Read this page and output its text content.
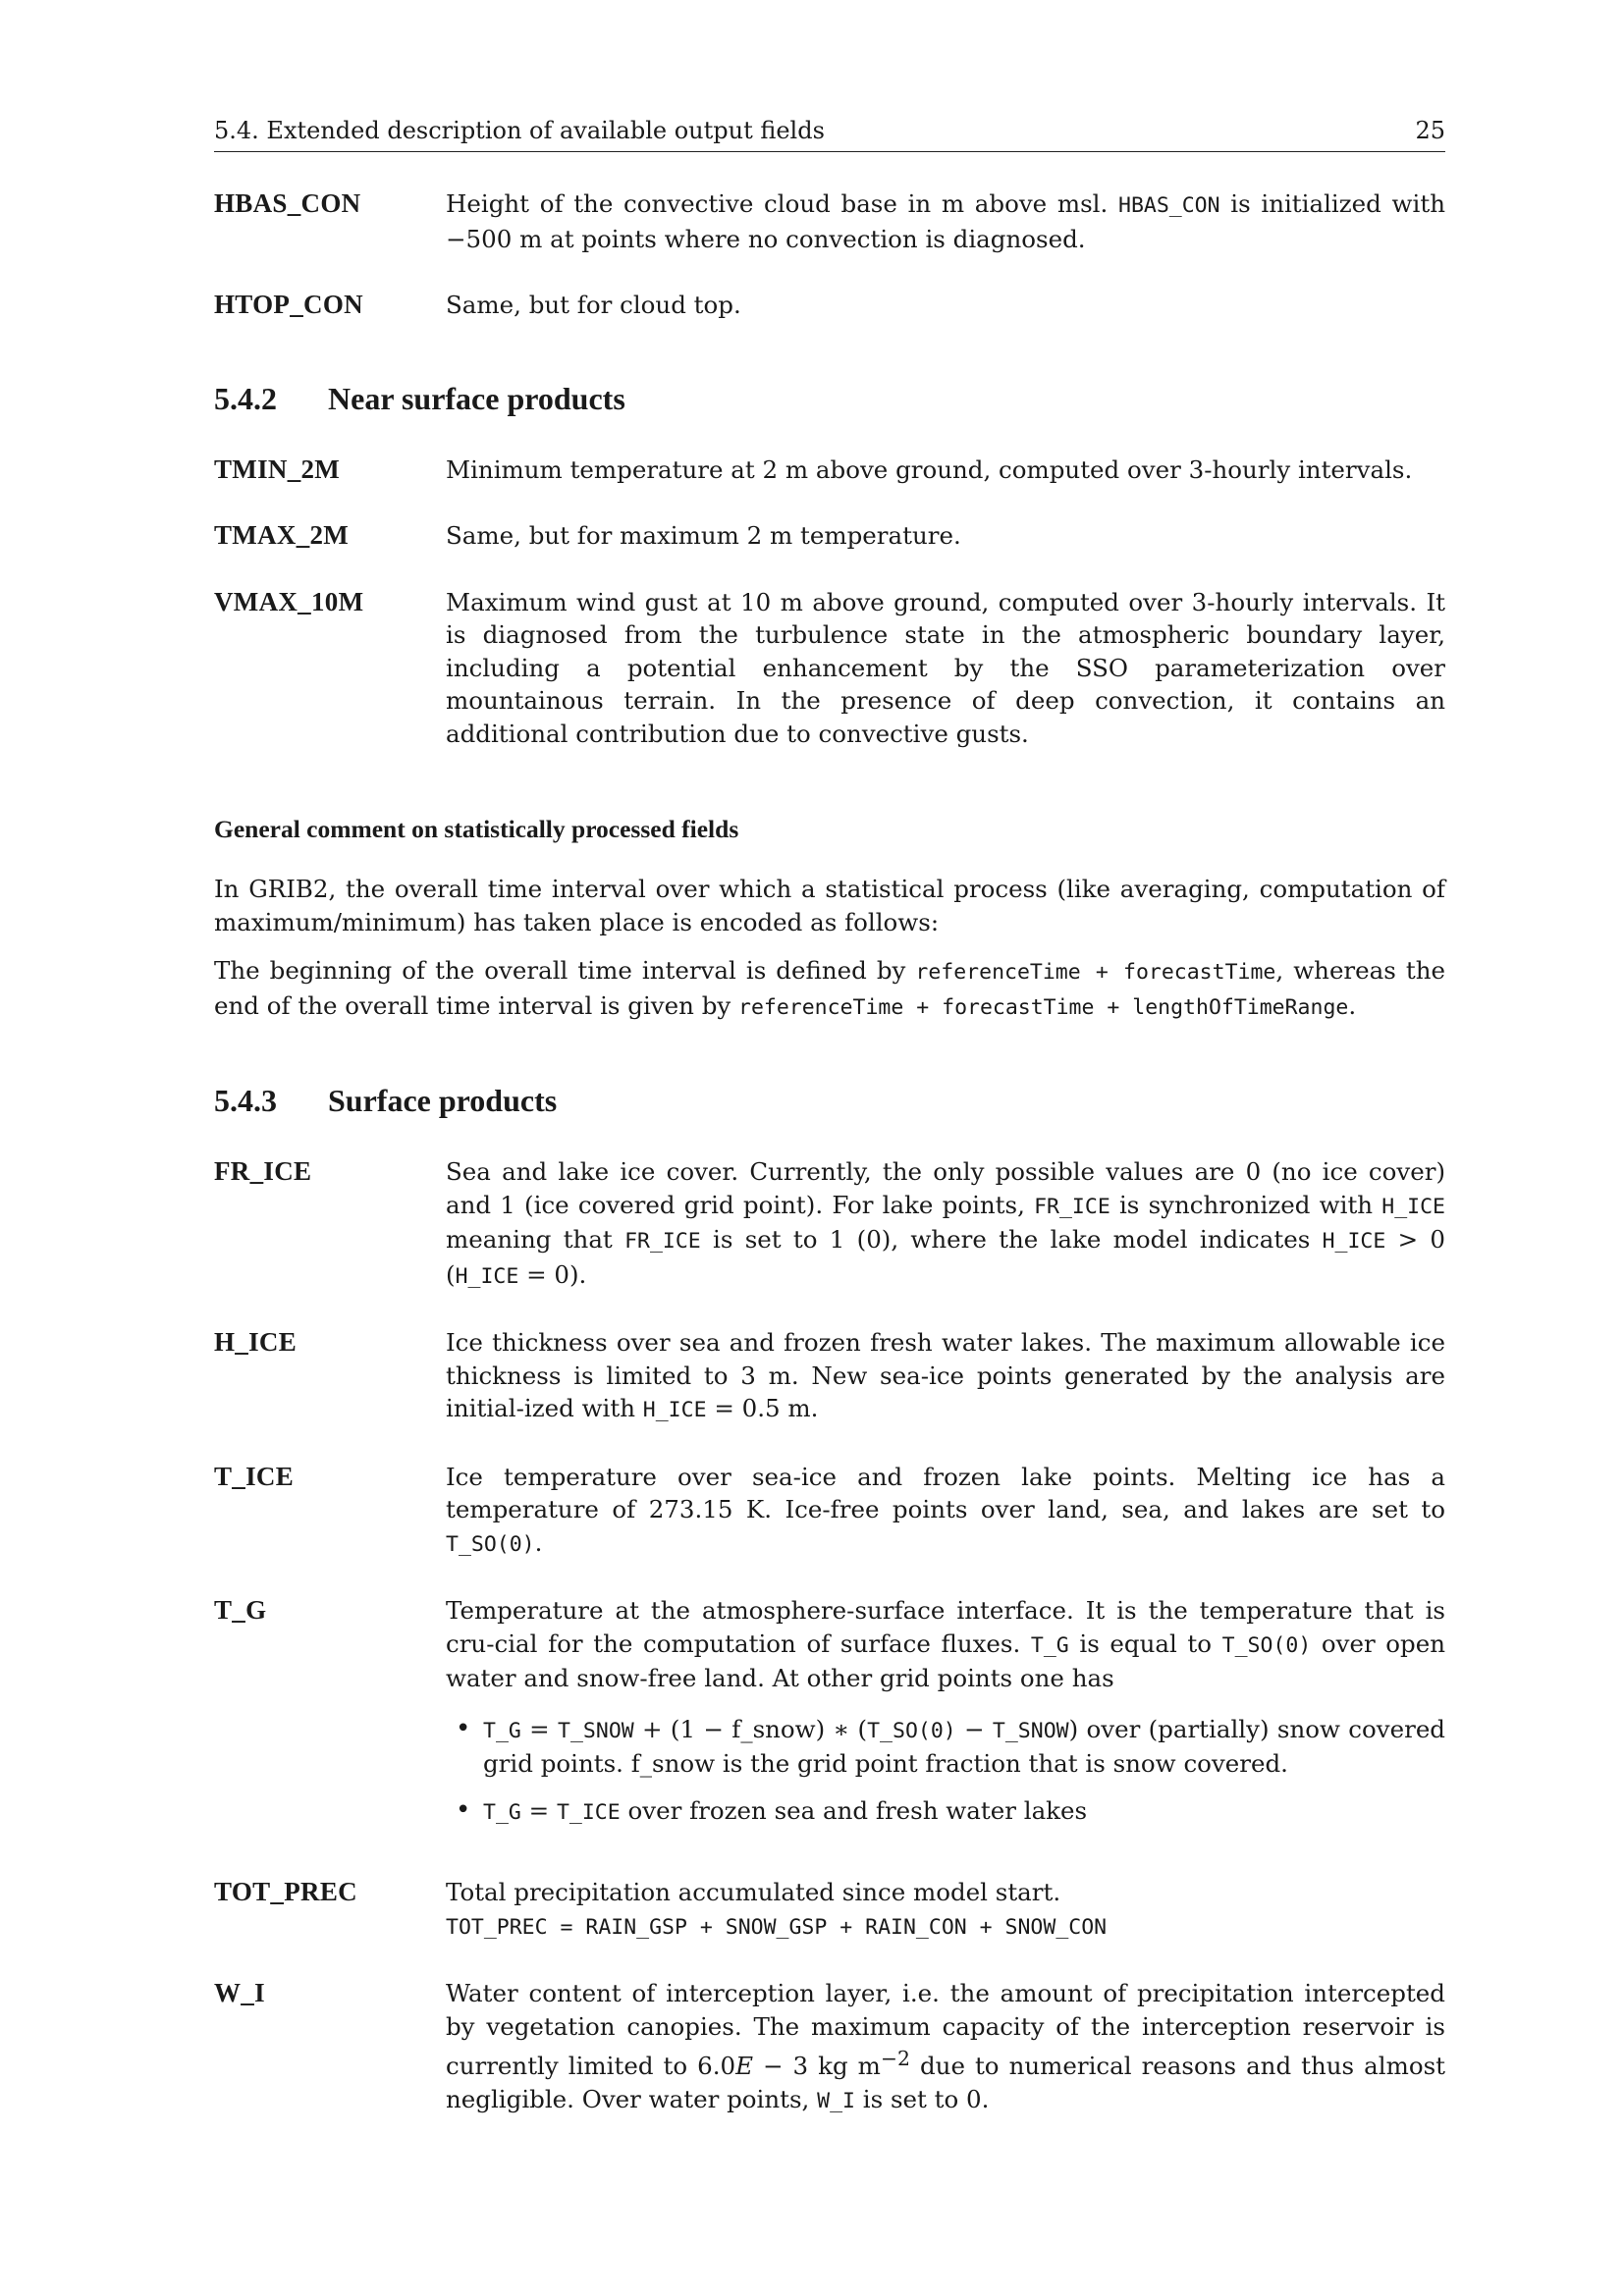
5.4. Extended description of available output fields	25
HBAS_CON	Height of the convective cloud base in m above msl. HBAS_CON is initialized with −500 m at points where no convection is diagnosed.
HTOP_CON	Same, but for cloud top.
5.4.2	Near surface products
TMIN_2M	Minimum temperature at 2 m above ground, computed over 3-hourly intervals.
TMAX_2M	Same, but for maximum 2 m temperature.
VMAX_10M	Maximum wind gust at 10 m above ground, computed over 3-hourly intervals. It is diagnosed from the turbulence state in the atmospheric boundary layer, including a potential enhancement by the SSO parameterization over mountainous terrain. In the presence of deep convection, it contains an additional contribution due to convective gusts.
General comment on statistically processed fields
In GRIB2, the overall time interval over which a statistical process (like averaging, computation of maximum/minimum) has taken place is encoded as follows:
The beginning of the overall time interval is defined by referenceTime + forecastTime, whereas the end of the overall time interval is given by referenceTime + forecastTime + lengthOfTimeRange.
5.4.3	Surface products
FR_ICE	Sea and lake ice cover. Currently, the only possible values are 0 (no ice cover) and 1 (ice covered grid point). For lake points, FR_ICE is synchronized with H_ICE meaning that FR_ICE is set to 1 (0), where the lake model indicates H_ICE > 0 (H_ICE = 0).
H_ICE	Ice thickness over sea and frozen fresh water lakes. The maximum allowable ice thickness is limited to 3 m. New sea-ice points generated by the analysis are initial-ized with H_ICE = 0.5 m.
T_ICE	Ice temperature over sea-ice and frozen lake points. Melting ice has a temperature of 273.15 K. Ice-free points over land, sea, and lakes are set to T_SO(0).
T_G	Temperature at the atmosphere-surface interface. It is the temperature that is cru-cial for the computation of surface fluxes. T_G is equal to T_SO(0) over open water and snow-free land. At other grid points one has
• T_G = T_SNOW + (1 − f_snow) ∗ (T_SO(0) − T_SNOW) over (partially) snow covered grid points. f_snow is the grid point fraction that is snow covered.
• T_G = T_ICE over frozen sea and fresh water lakes
TOT_PREC	Total precipitation accumulated since model start.
TOT_PREC = RAIN_GSP + SNOW_GSP + RAIN_CON + SNOW_CON
W_I	Water content of interception layer, i.e. the amount of precipitation intercepted by vegetation canopies. The maximum capacity of the interception reservoir is currently limited to 6.0E − 3 kg $m^{-2}$ due to numerical reasons and thus almost negligible. Over water points, W_I is set to 0.
